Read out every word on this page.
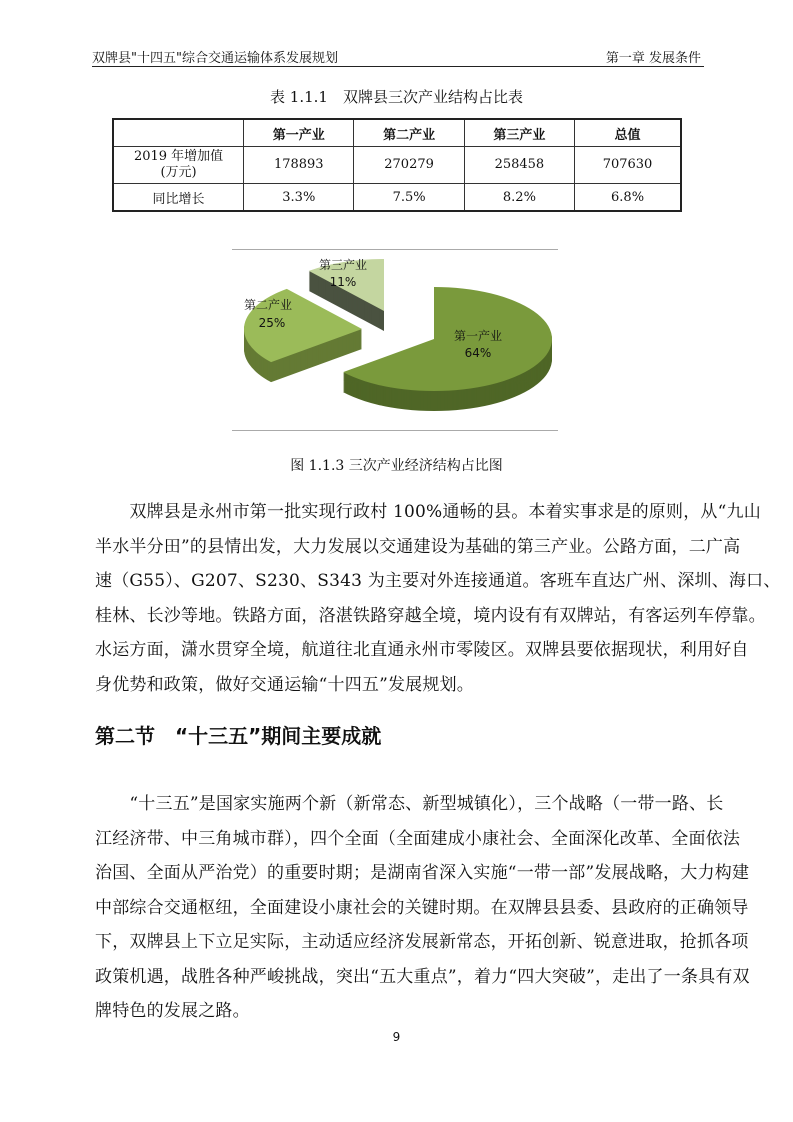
双牌县"十四五"综合交通运输体系发展规划	第一章 发展条件
表 1.1.1　双牌县三次产业结构占比表
	第一产业	第二产业	第三产业	总值
2019 年增加值
(万元)	178893	270279	258458	707630
同比增长	3.3%	7.5%	8.2%	6.8%
第三产业
11%
第二产业
25%
第一产业
64%
图 1.1.3 三次产业经济结构占比图
　　双牌县是永州市第一批实现行政村 100%通畅的县。本着实事求是的原则，从“九山
半水半分田”的县情出发，大力发展以交通建设为基础的第三产业。公路方面，二广高
速（G55）、G207、S230、S343 为主要对外连接通道。客班车直达广州、深圳、海口、
桂林、长沙等地。铁路方面，洛湛铁路穿越全境，境内设有有双牌站，有客运列车停靠。
水运方面，潇水贯穿全境，航道往北直通永州市零陵区。双牌县要依据现状，利用好自
身优势和政策，做好交通运输“十四五”发展规划。
第二节　“十三五”期间主要成就
　　“十三五”是国家实施两个新（新常态、新型城镇化），三个战略（一带一路、长
江经济带、中三角城市群），四个全面（全面建成小康社会、全面深化改革、全面依法
治国、全面从严治党）的重要时期；是湖南省深入实施“一带一部”发展战略，大力构建
中部综合交通枢纽，全面建设小康社会的关键时期。在双牌县县委、县政府的正确领导
下，双牌县上下立足实际，主动适应经济发展新常态，开拓创新、锐意进取，抢抓各项
政策机遇，战胜各种严峻挑战，突出“五大重点”，着力“四大突破”，走出了一条具有双
牌特色的发展之路。
9
